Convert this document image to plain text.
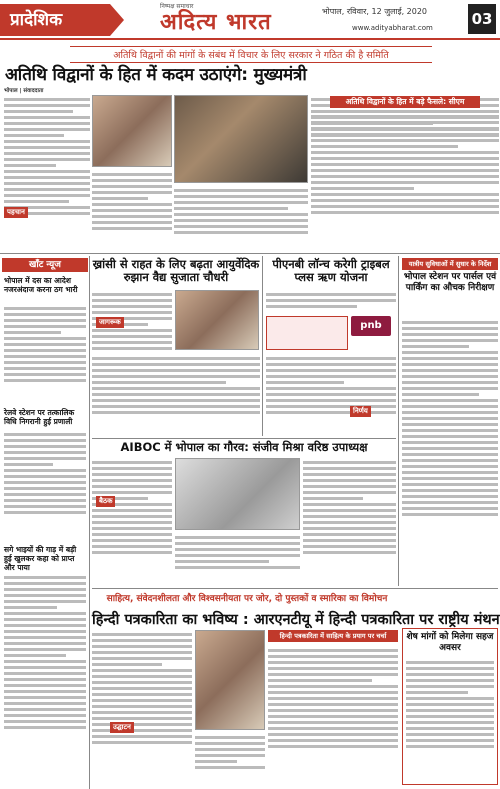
प्रादेशिक
निष्पक्ष समाचार
अदित्य भारत	भोपाल, रविवार, 12 जुलाई, 2020
www.adityabharat.com	03
अतिथि विद्वानों की मांगों के संबंध में विचार के लिए सरकार ने गठित की है समिति
अतिथि विद्वानों के हित में कदम उठाएंगे: मुख्यमंत्री
भोपाल | संवाददाता
पहचान
अतिथि विद्वानों के हित में बड़े फैसले: सीएम
खाँट न्यूज
भोपाल में दस का आदेश नजरअंदाज करना ठग भारी
रेलवे स्टेशन पर तत्कालिक विधि निगरानी हुई प्रणाली
सगे भाइयों की गाड़ में बड़ी हुई खुलकर कहा को प्राप्त और पाया
ख्रांसी से राहत के लिए बढ़ता आयुर्वेदिक रुझान वैद्य सुजाता चौधरी
जागरूक
पीएनबी लॉन्च करेगी ट्राइबल प्लस ऋण योजना
pnb
निर्णय
यात्रीय सुविधाओं में सुधार के निर्देश
भोपाल स्टेशन पर पार्सल एवं पार्किंग का औचक निरीक्षण
AIBOC में भोपाल का गौरव: संजीव मिश्रा वरिष्ठ उपाध्यक्ष
बैठक
साहित्य, संवेदनशीलता और विश्वसनीयता पर जोर, दो पुस्तकों व स्मारिका का विमोचन
हिन्दी पत्रकारिता का भविष्य : आरएनटीयू में हिन्दी पत्रकारिता पर राष्ट्रीय मंथन
उद्घाटन
हिन्दी पत्रकारिता में साहित्य के प्रयाग पर चर्चा	शेष मांगों को मिलेगा सहज अवसर
